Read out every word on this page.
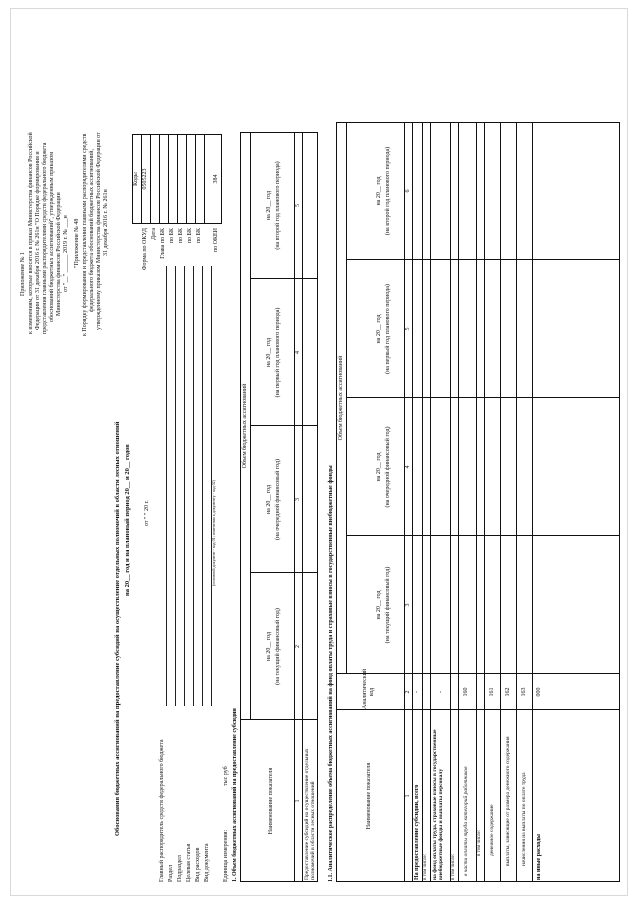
Приложение № 1 к изменениям, которые вносятся в приказ Министерства финансов Российской Федерации от 31 декабря 2016 г. № 261н "О Порядке формирования и представления главными распорядителями средств федерального бюджета обоснований бюджетных ассигнований", утвержденным приказом Министерства финансов Российской Федерации от "__" ______ 2019 г. № ___н "Приложение № 48 к Порядку формирования и представления главными распорядителями средств федерального бюджета обоснований бюджетных ассигнований, утвержденному приказом Министерства финансов Российской Федерации от 31 декабря 2016 г. № 261н
Обоснования бюджетных ассигнований на предоставление субсидий на осуществление отдельных полномочий в области лесных отношений на 20__ год и на плановый период 20__ и 20__ годов
Коды
Форма по ОКУД
0505223
Дата Глава по БК по БК по БК по БК по БК по ОКЕИ
384
от " " 20 г.
Главный распорядитель средств федерального бюджета Раздел Подраздел Целевая статья Вид расходов Вид документа
(основной документ - код 01; изменения к документу - код 02)
Единица измерения:
тыс руб 1. Объем бюджетных ассигнований на предоставление субсидии	Наименование показателя
Объем бюджетных ассигнований
на 20__ год (на текущий финансовый год)
на 20__ год (на очередной финансовый год)
на 20__ год (на первый год планового периода)
на 20__ год (на второй год планового периода)
1
2
3
4
5
Предоставление субсидий на осуществление отдельных полномочий в области лесных отношений 1.1. Аналитическое распределение объема бюджетных ассигнований на фонд оплаты труда и страховые взносы в государственные внебюджетные фонды	Наименование показателя
Аналитический код
Объем бюджетных ассигнований
на 20__ год (на текущий финансовый год)
на 20__ год (на очередной финансовый год)
на 20__ год (на первый год планового периода)
на 20__ год (на второй год планового периода)
1
2
3
4
5
6
На предоставление субсидии, всего
-
в том числе: на фонд оплаты труда, страховые взносы в государственные внебюджетные фонды и выплаты персоналу
-
в том числе: в части оплаты труда категорий работников
160
в том числе: денежное содержание
161
выплаты, зависящие от размера денежного содержания
162
начисления на выплаты по оплате труда
163
на иные расходы
000
